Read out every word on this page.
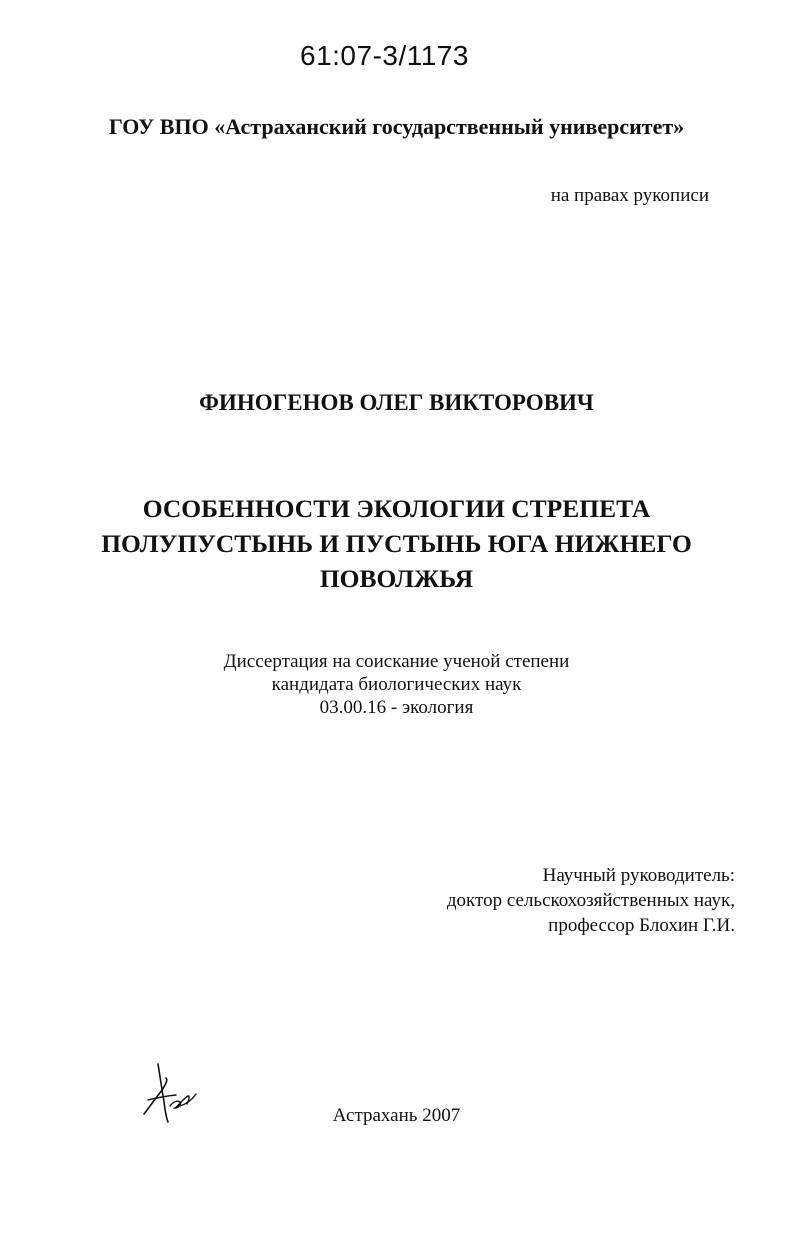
61:07-3/1173
ГОУ ВПО «Астраханский государственный университет»
на правах рукописи
ФИНОГЕНОВ ОЛЕГ ВИКТОРОВИЧ
ОСОБЕННОСТИ ЭКОЛОГИИ СТРЕПЕТА
ПОЛУПУСТЫНЬ И ПУСТЫНЬ ЮГА НИЖНЕГО
ПОВОЛЖЬЯ
Диссертация на соискание ученой степени
кандидата биологических наук
03.00.16 - экология
Научный руководитель:
доктор сельскохозяйственных наук,
профессор Блохин Г.И.
Астрахань 2007
